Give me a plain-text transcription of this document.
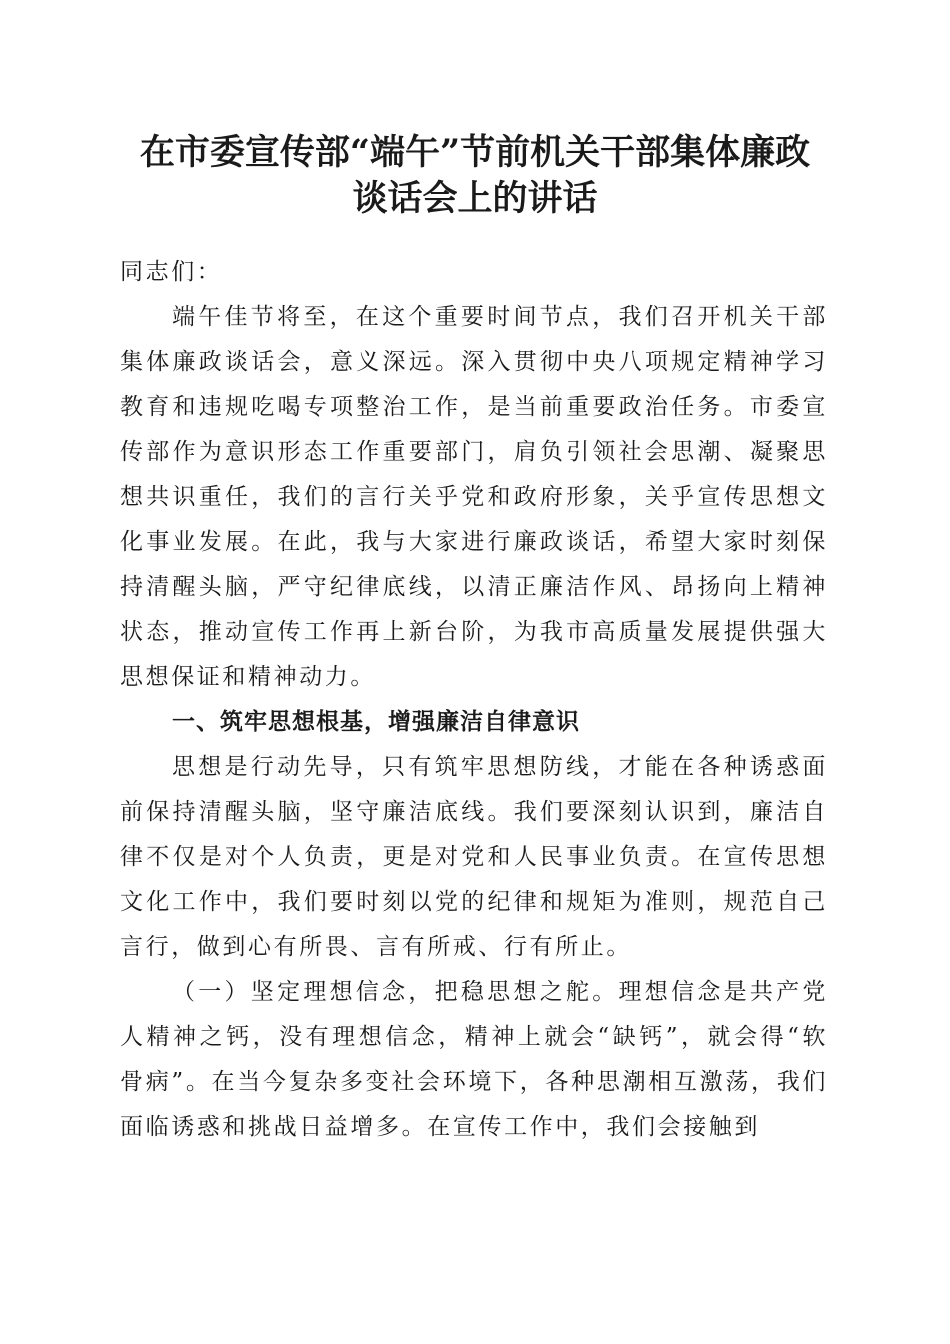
在市委宣传部“端午”节前机关干部集体廉政
谈话会上的讲话

同志们：

端午佳节将至，在这个重要时间节点，我们召开机关干部集体廉政谈话会，意义深远。深入贯彻中央八项规定精神学习教育和违规吃喝专项整治工作，是当前重要政治任务。市委宣传部作为意识形态工作重要部门，肩负引领社会思潮、凝聚思想共识重任，我们的言行关乎党和政府形象，关乎宣传思想文化事业发展。在此，我与大家进行廉政谈话，希望大家时刻保持清醒头脑，严守纪律底线，以清正廉洁作风、昂扬向上精神状态，推动宣传工作再上新台阶，为我市高质量发展提供强大思想保证和精神动力。

一、筑牢思想根基，增强廉洁自律意识

思想是行动先导，只有筑牢思想防线，才能在各种诱惑面前保持清醒头脑，坚守廉洁底线。我们要深刻认识到，廉洁自律不仅是对个人负责，更是对党和人民事业负责。在宣传思想文化工作中，我们要时刻以党的纪律和规矩为准则，规范自己言行，做到心有所畏、言有所戒、行有所止。

（一）坚定理想信念，把稳思想之舵。理想信念是共产党人精神之钙，没有理想信念，精神上就会“缺钙”，就会得“软骨病”。在当今复杂多变社会环境下，各种思潮相互激荡，我们面临诱惑和挑战日益增多。在宣传工作中，我们会接触到
